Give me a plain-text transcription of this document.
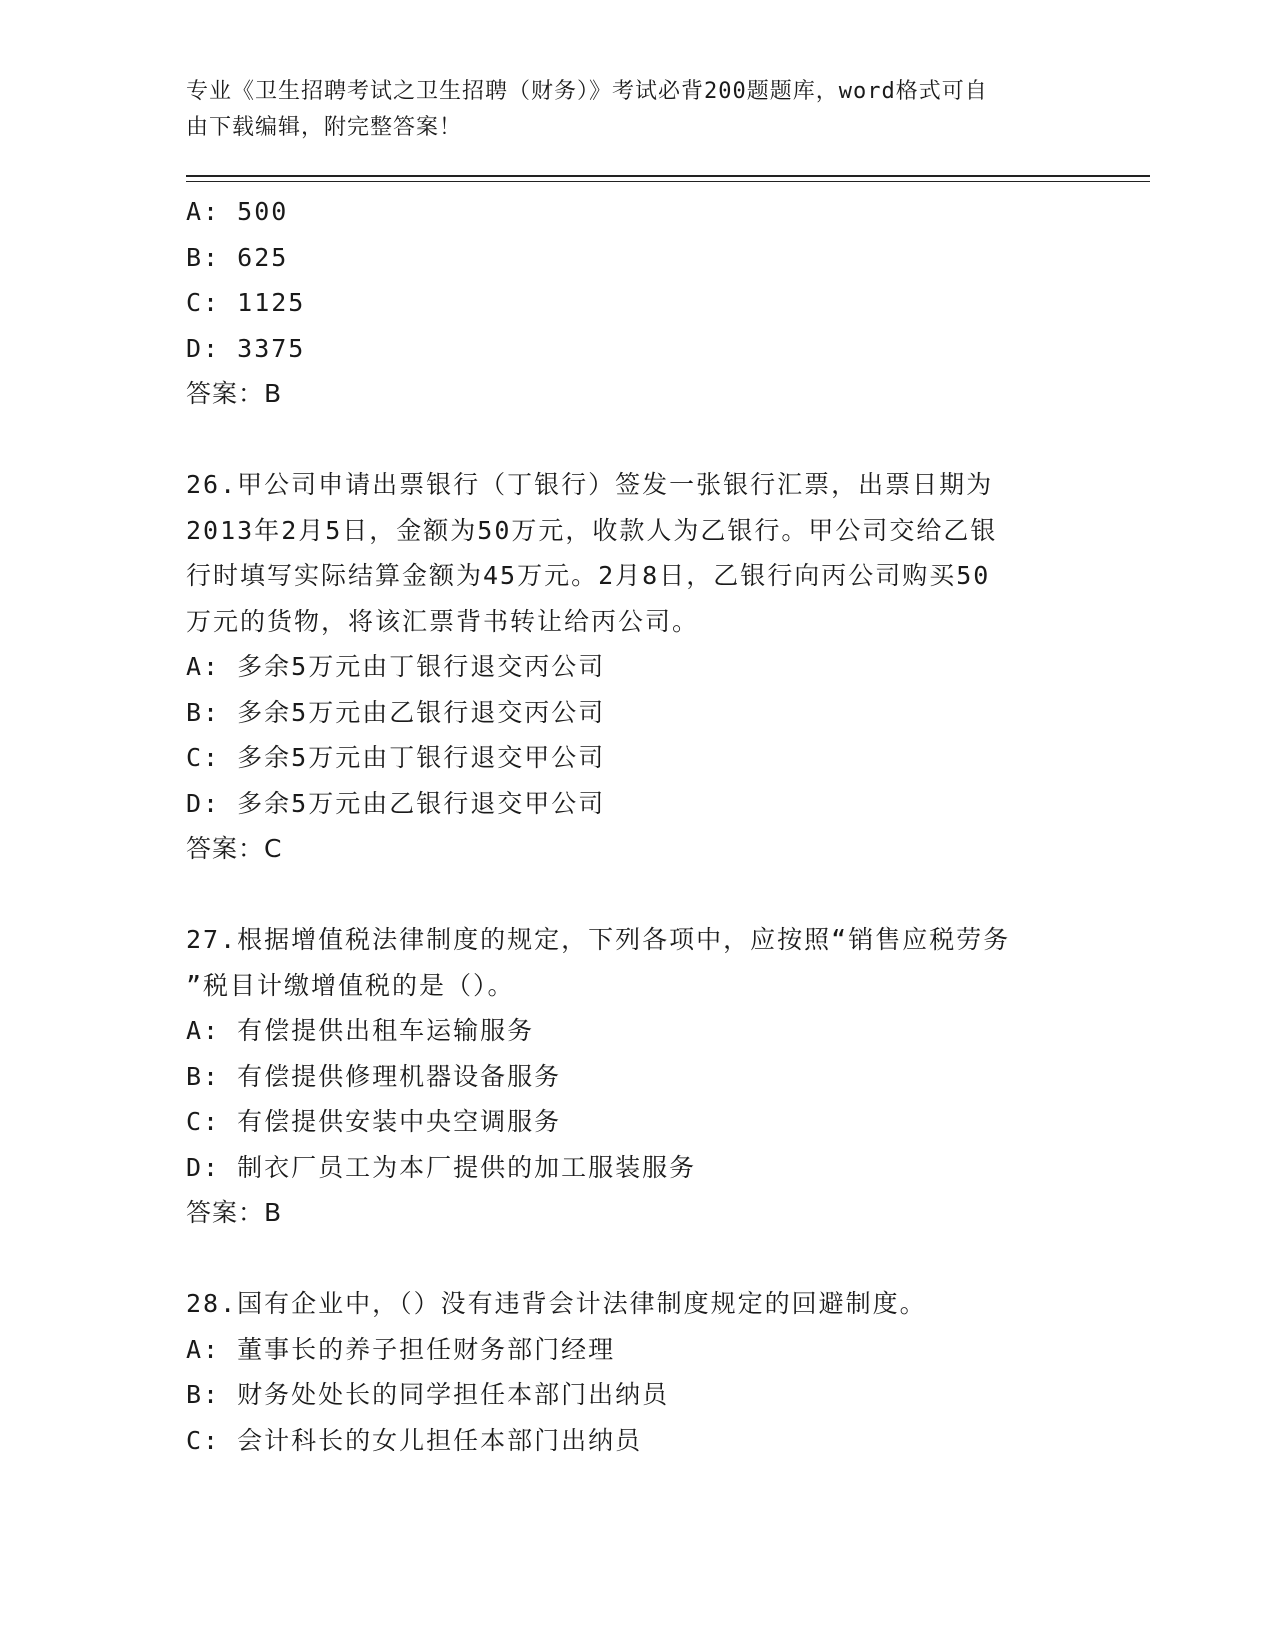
专业《卫生招聘考试之卫生招聘（财务）》考试必背200题题库，word格式可自
由下载编辑，附完整答案！
A: 500
B: 625
C: 1125
D: 3375
答案：B
26.甲公司申请出票银行（丁银行）签发一张银行汇票，出票日期为
2013年2月5日，金额为50万元，收款人为乙银行。甲公司交给乙银
行时填写实际结算金额为45万元。2月8日，乙银行向丙公司购买50
万元的货物，将该汇票背书转让给丙公司。
A: 多余5万元由丁银行退交丙公司
B: 多余5万元由乙银行退交丙公司
C: 多余5万元由丁银行退交甲公司
D: 多余5万元由乙银行退交甲公司
答案：C
27.根据增值税法律制度的规定，下列各项中，应按照“销售应税劳务
”税目计缴增值税的是（）。
A: 有偿提供出租车运输服务
B: 有偿提供修理机器设备服务
C: 有偿提供安装中央空调服务
D: 制衣厂员工为本厂提供的加工服装服务
答案：B
28.国有企业中，（）没有违背会计法律制度规定的回避制度。
A: 董事长的养子担任财务部门经理
B: 财务处处长的同学担任本部门出纳员
C: 会计科长的女儿担任本部门出纳员
